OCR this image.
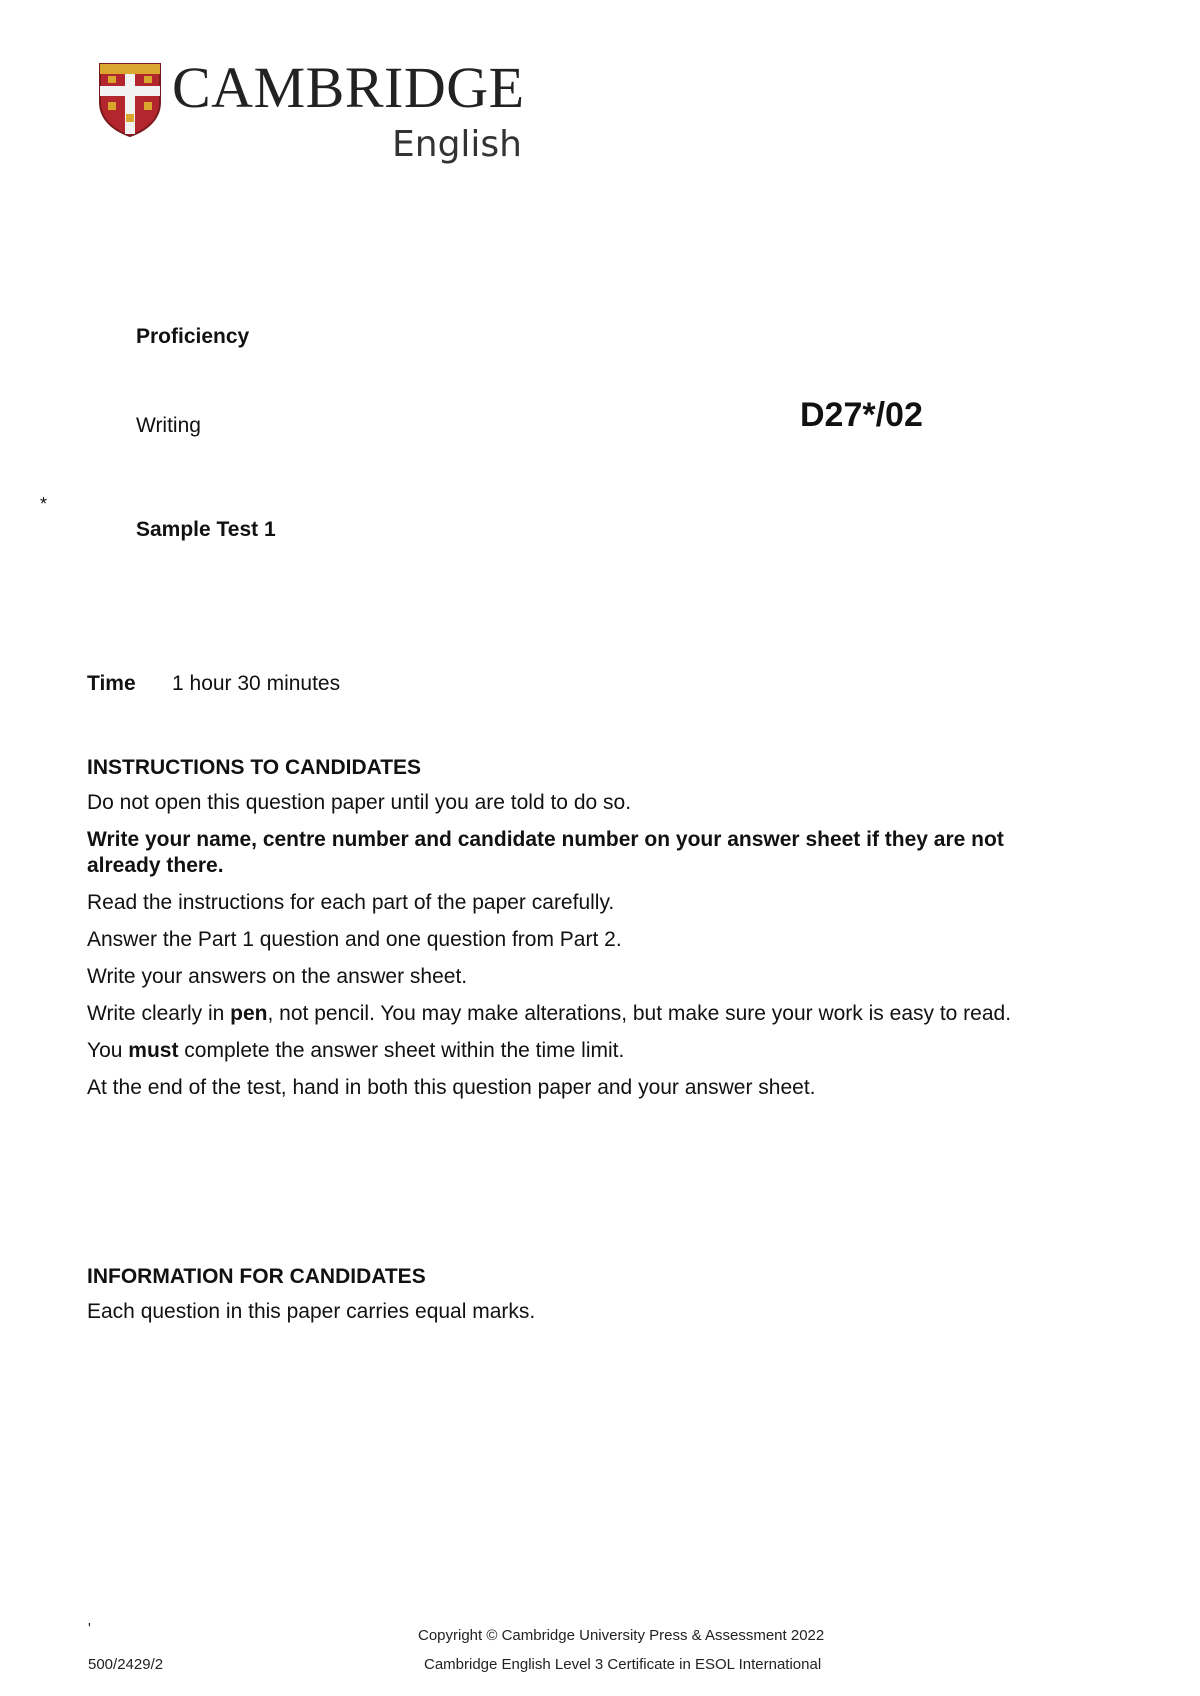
CAMBRIDGE
English
Proficiency
Writing	D27*/02
*
Sample Test 1
Time 1 hour 30 minutes
INSTRUCTIONS TO CANDIDATES

Do not open this question paper until you are told to do so.

Write your name, centre number and candidate number on your answer sheet if they are not already there.

Read the instructions for each part of the paper carefully.

Answer the Part 1 question and one question from Part 2.

Write your answers on the answer sheet.

Write clearly in pen, not pencil. You may make alterations, but make sure your work is easy to read.

You must complete the answer sheet within the time limit.

At the end of the test, hand in both this question paper and your answer sheet.

INFORMATION FOR CANDIDATES

Each question in this paper carries equal marks.

'	Copyright © Cambridge University Press & Assessment 2022
500/2429/2	Cambridge English Level 3 Certificate in ESOL International
